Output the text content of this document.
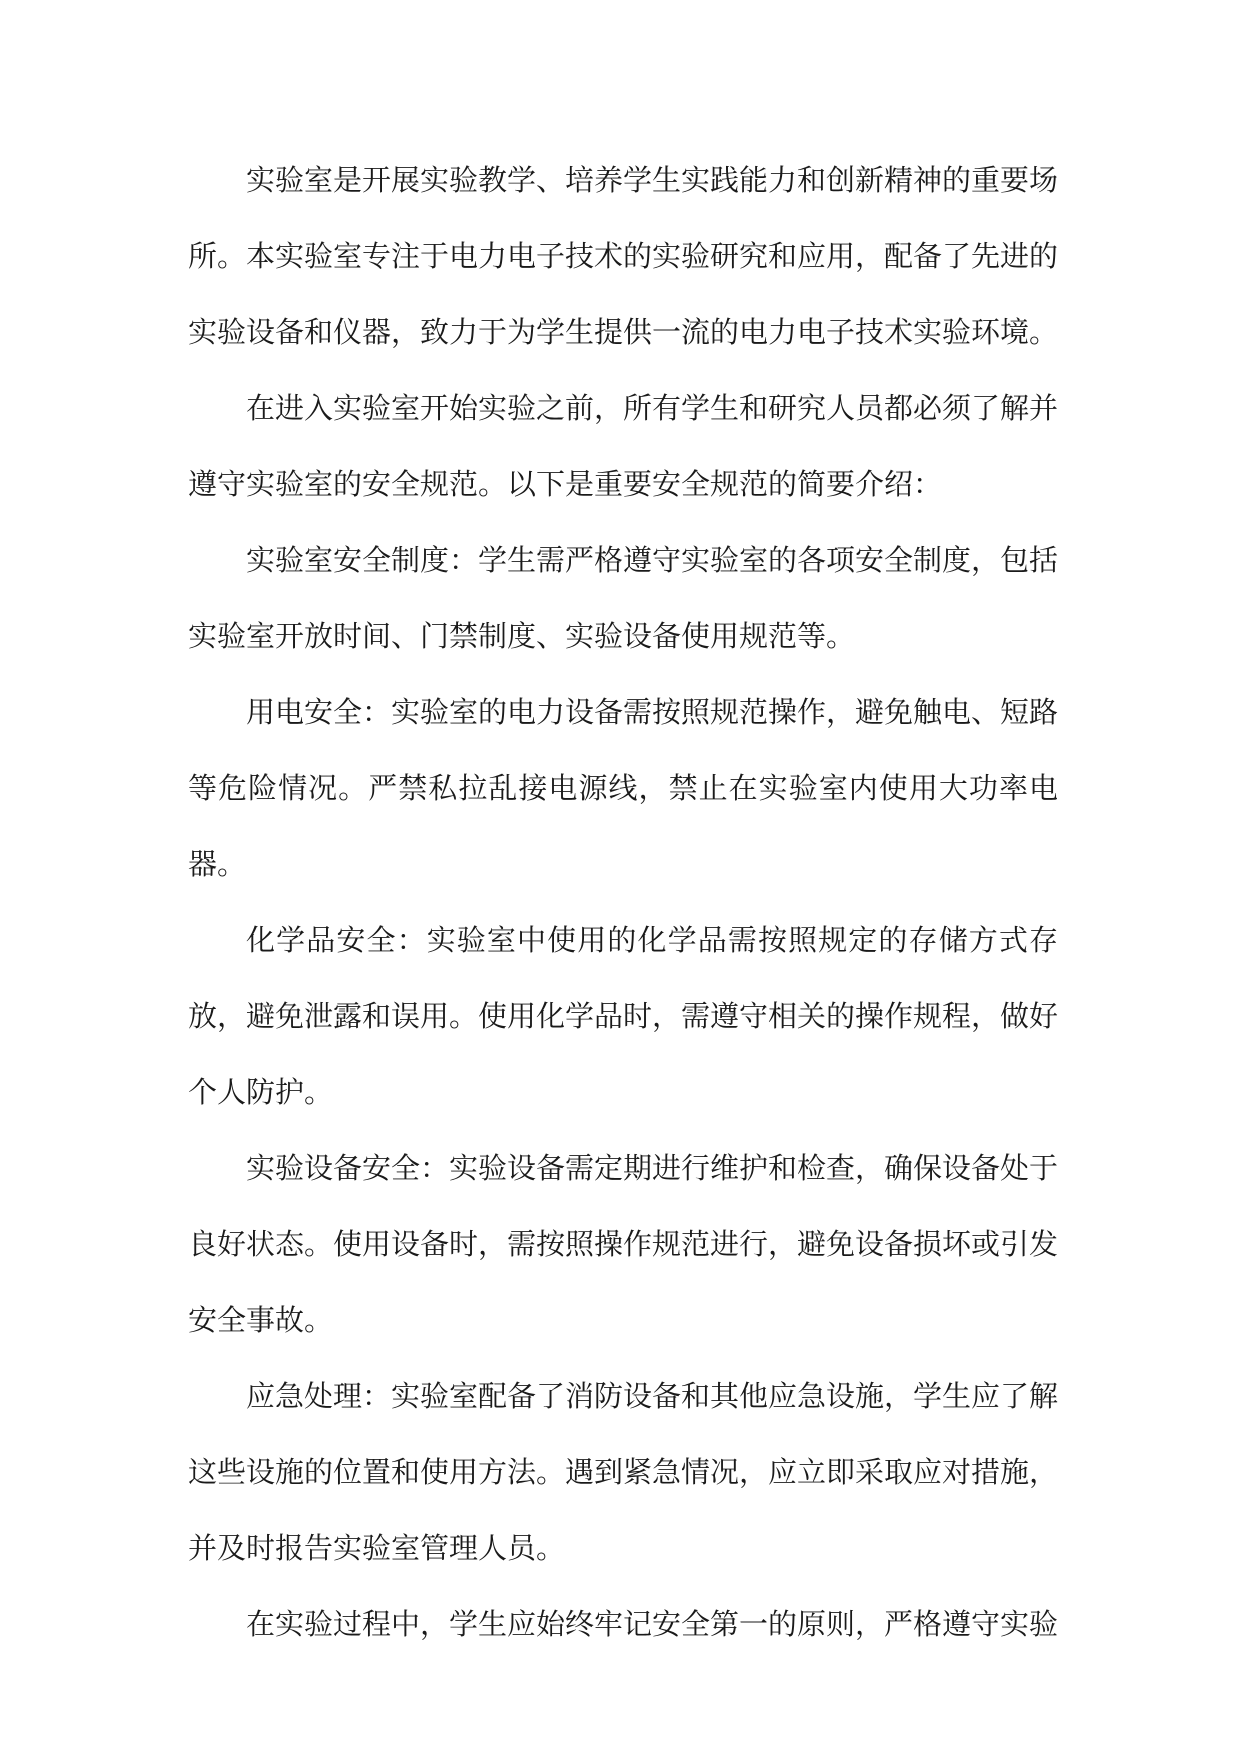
实验室是开展实验教学、培养学生实践能力和创新精神的重要场所。本实验室专注于电力电子技术的实验研究和应用，配备了先进的实验设备和仪器，致力于为学生提供一流的电力电子技术实验环境。

在进入实验室开始实验之前，所有学生和研究人员都必须了解并遵守实验室的安全规范。以下是重要安全规范的简要介绍：

实验室安全制度：学生需严格遵守实验室的各项安全制度，包括实验室开放时间、门禁制度、实验设备使用规范等。

用电安全：实验室的电力设备需按照规范操作，避免触电、短路等危险情况。严禁私拉乱接电源线，禁止在实验室内使用大功率电器。

化学品安全：实验室中使用的化学品需按照规定的存储方式存放，避免泄露和误用。使用化学品时，需遵守相关的操作规程，做好个人防护。

实验设备安全：实验设备需定期进行维护和检查，确保设备处于良好状态。使用设备时，需按照操作规范进行，避免设备损坏或引发安全事故。

应急处理：实验室配备了消防设备和其他应急设施，学生应了解这些设施的位置和使用方法。遇到紧急情况，应立即采取应对措施，并及时报告实验室管理人员。

在实验过程中，学生应始终牢记安全第一的原则，严格遵守实验
